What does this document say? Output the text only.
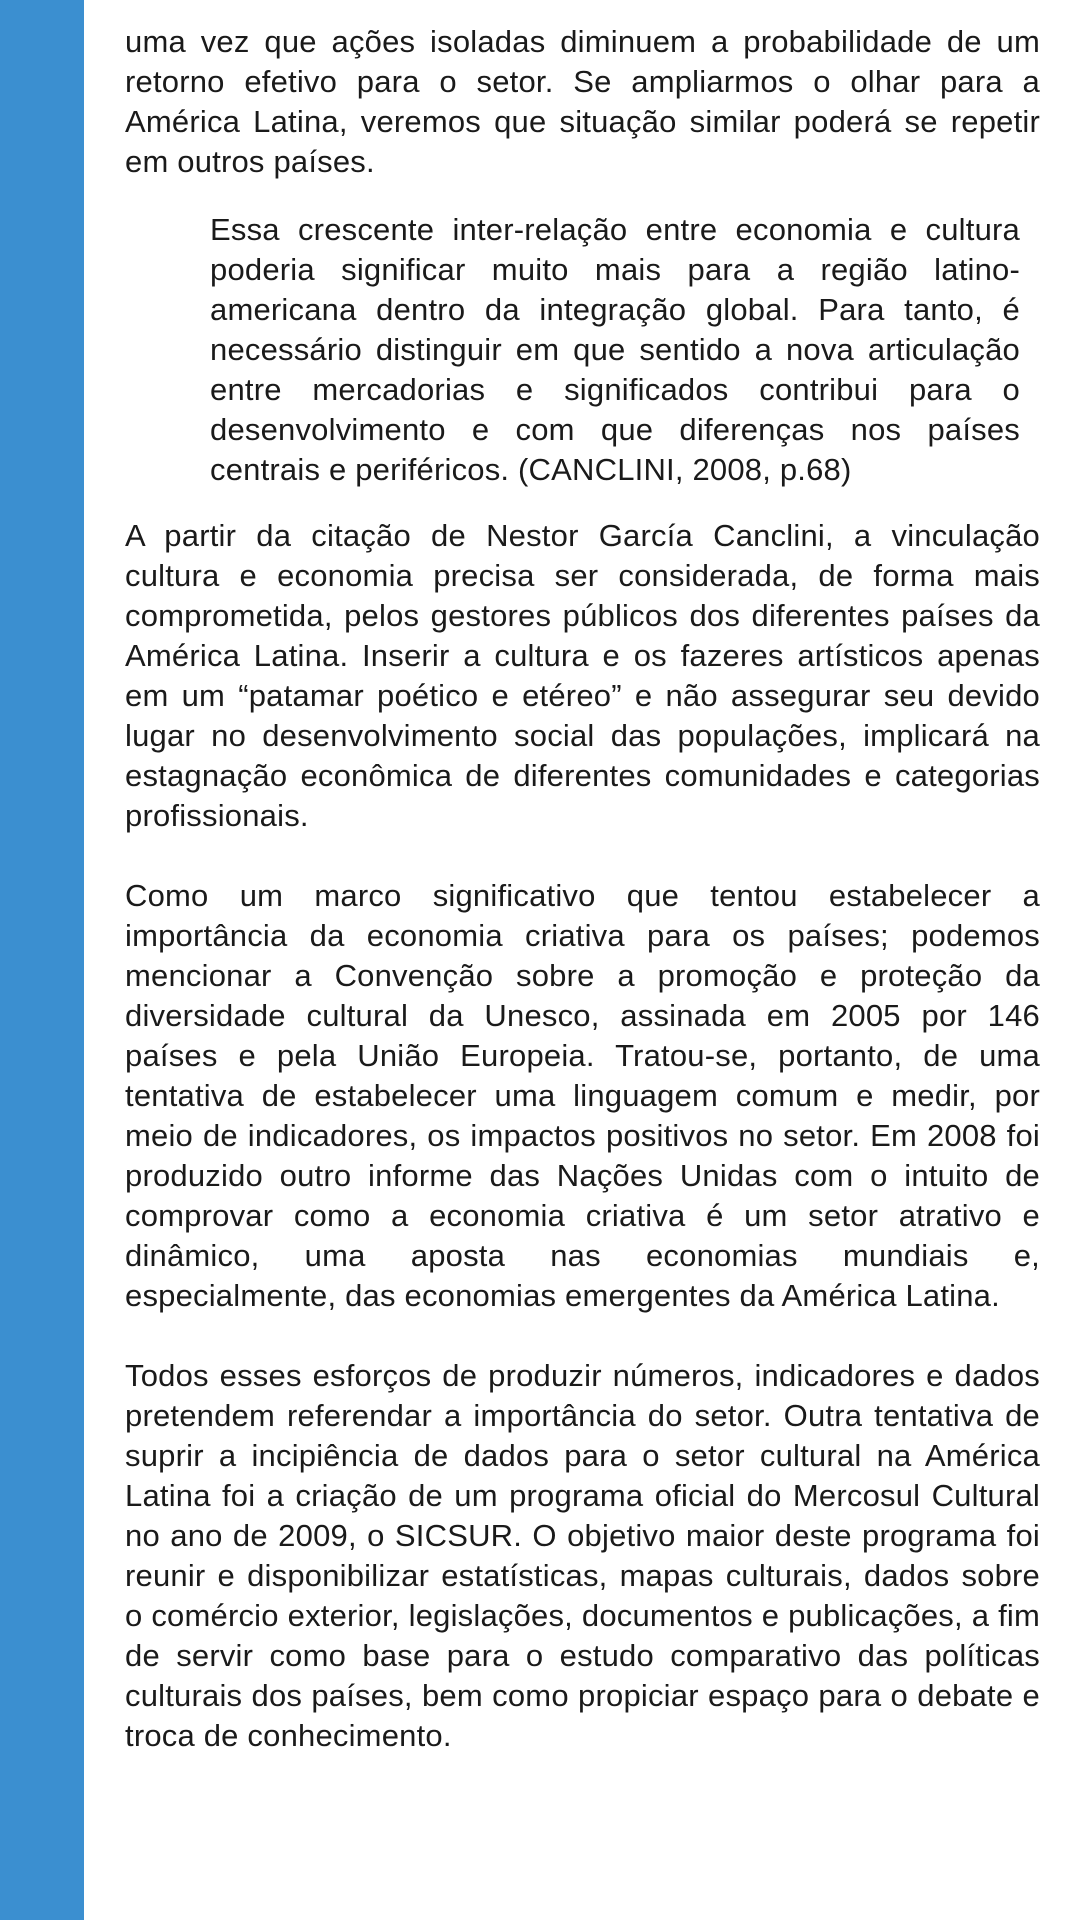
uma vez que ações isoladas diminuem a probabilidade de um retorno efetivo para o setor. Se ampliarmos o olhar para a América Latina, veremos que situação similar poderá se repetir em outros países.

Essa crescente inter-relação entre economia e cultura poderia significar muito mais para a região latino-americana dentro da integração global. Para tanto, é necessário distinguir em que sentido a nova articulação entre mercadorias e significados contribui para o desenvolvimento e com que diferenças nos países centrais e periféricos. (CANCLINI, 2008, p.68)

A partir da citação de Nestor García Canclini, a vinculação cultura e economia precisa ser considerada, de forma mais comprometida, pelos gestores públicos dos diferentes países da América Latina. Inserir a cultura e os fazeres artísticos apenas em um “patamar poético e etéreo” e não assegurar seu devido lugar no desenvolvimento social das populações, implicará na estagnação econômica de diferentes comunidades e categorias profissionais.

Como um marco significativo que tentou estabelecer a importância da economia criativa para os países; podemos mencionar a Convenção sobre a promoção e proteção da diversidade cultural da Unesco, assinada em 2005 por 146 países e pela União Europeia. Tratou-se, portanto, de uma tentativa de estabelecer uma linguagem comum e medir, por meio de indicadores, os impactos positivos no setor. Em 2008 foi produzido outro informe das Nações Unidas com o intuito de comprovar como a economia criativa é um setor atrativo e dinâmico, uma aposta nas economias mundiais e, especialmente, das economias emergentes da América Latina.

Todos esses esforços de produzir números, indicadores e dados pretendem referendar a importância do setor. Outra tentativa de suprir a incipiência de dados para o setor cultural na América Latina foi a criação de um programa oficial do Mercosul Cultural no ano de 2009, o SICSUR. O objetivo maior deste programa foi reunir e disponibilizar estatísticas, mapas culturais, dados sobre o comércio exterior, legislações, documentos e publicações, a fim de servir como base para o estudo comparativo das políticas culturais dos países, bem como propiciar espaço para o debate e troca de conhecimento.
